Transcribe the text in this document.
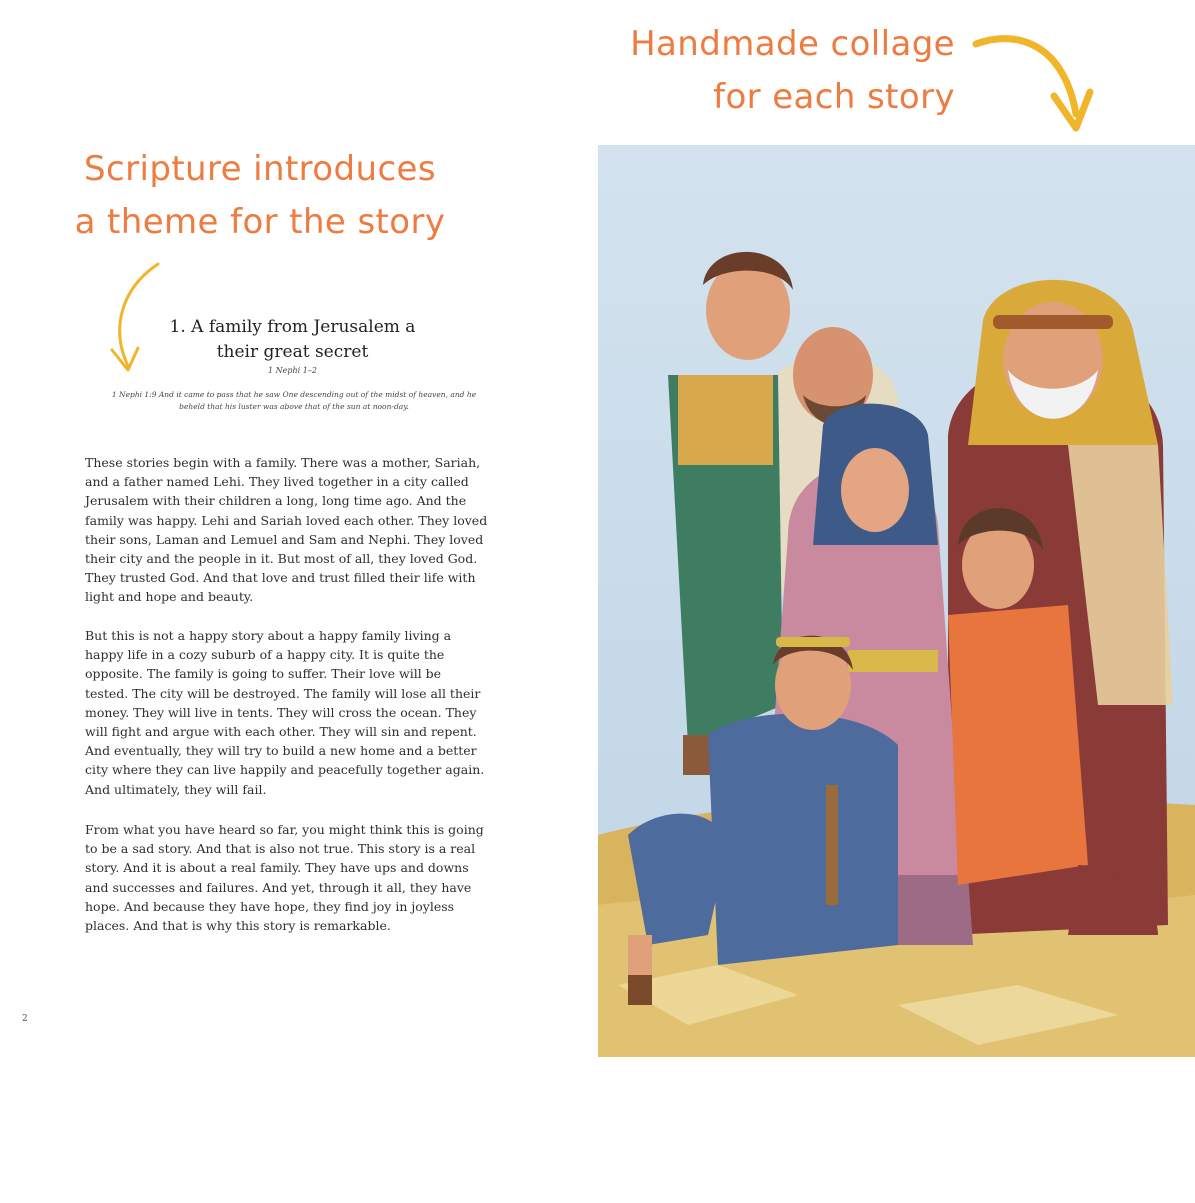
Handmade collage
for each story
Scripture introduces
a theme for the story
1. A family from Jerusalem a
their great secret
1 Nephi 1–2
1 Nephi 1:9 And it came to pass that he saw One descending out of the midst of heaven, and he
beheld that his luster was above that of the sun at noon-day.
These stories begin with a family. There was a mother, Sariah,
and a father named Lehi. They lived together in a city called
Jerusalem with their children a long, long time ago. And the
family was happy. Lehi and Sariah loved each other. They loved
their sons, Laman and Lemuel and Sam and Nephi. They loved
their city and the people in it. But most of all, they loved God.
They trusted God. And that love and trust filled their life with
light and hope and beauty.
But this is not a happy story about a happy family living a
happy life in a cozy suburb of a happy city. It is quite the
opposite. The family is going to suffer. Their love will be
tested. The city will be destroyed. The family will lose all their
money. They will live in tents. They will cross the ocean. They
will fight and argue with each other. They will sin and repent.
And eventually, they will try to build a new home and a better
city where they can live happily and peacefully together again.
And ultimately, they will fail.
From what you have heard so far, you might think this is going
to be a sad story. And that is also not true. This story is a real
story. And it is about a real family. They have ups and downs
and successes and failures. And yet, through it all, they have
hope. And because they have hope, they find joy in joyless
places. And that is why this story is remarkable.
2
